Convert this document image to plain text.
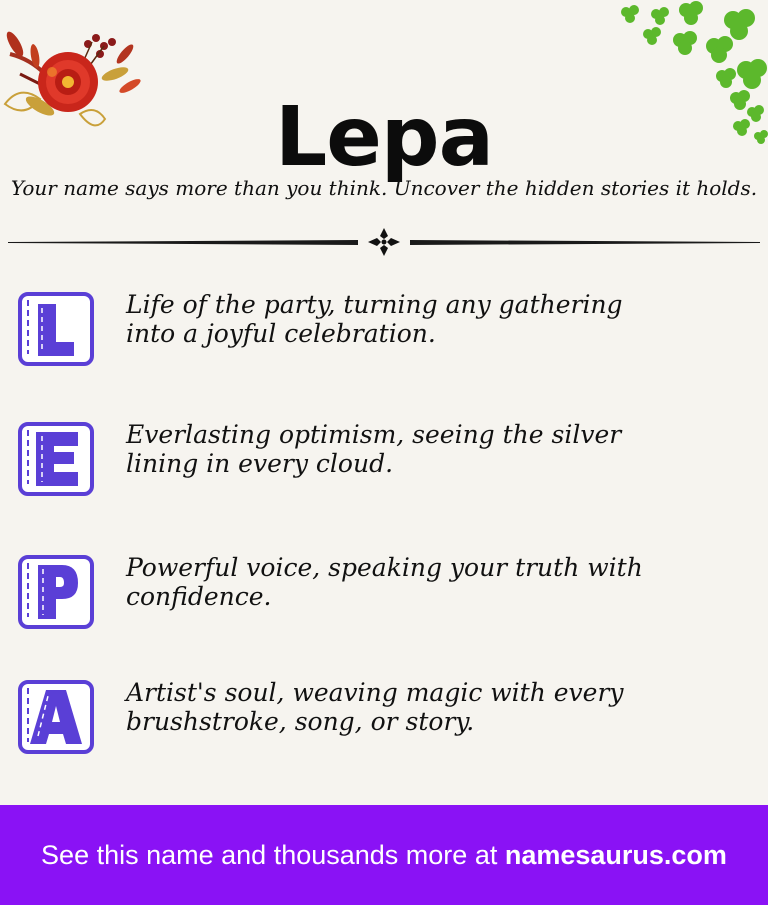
Lepa
Your name says more than you think. Uncover the hidden stories it holds.
Life of the party, turning any gathering into a joyful celebration.
Everlasting optimism, seeing the silver lining in every cloud.
Powerful voice, speaking your truth with confidence.
Artist's soul, weaving magic with every brushstroke, song, or story.
See this name and thousands more at namesaurus.com
